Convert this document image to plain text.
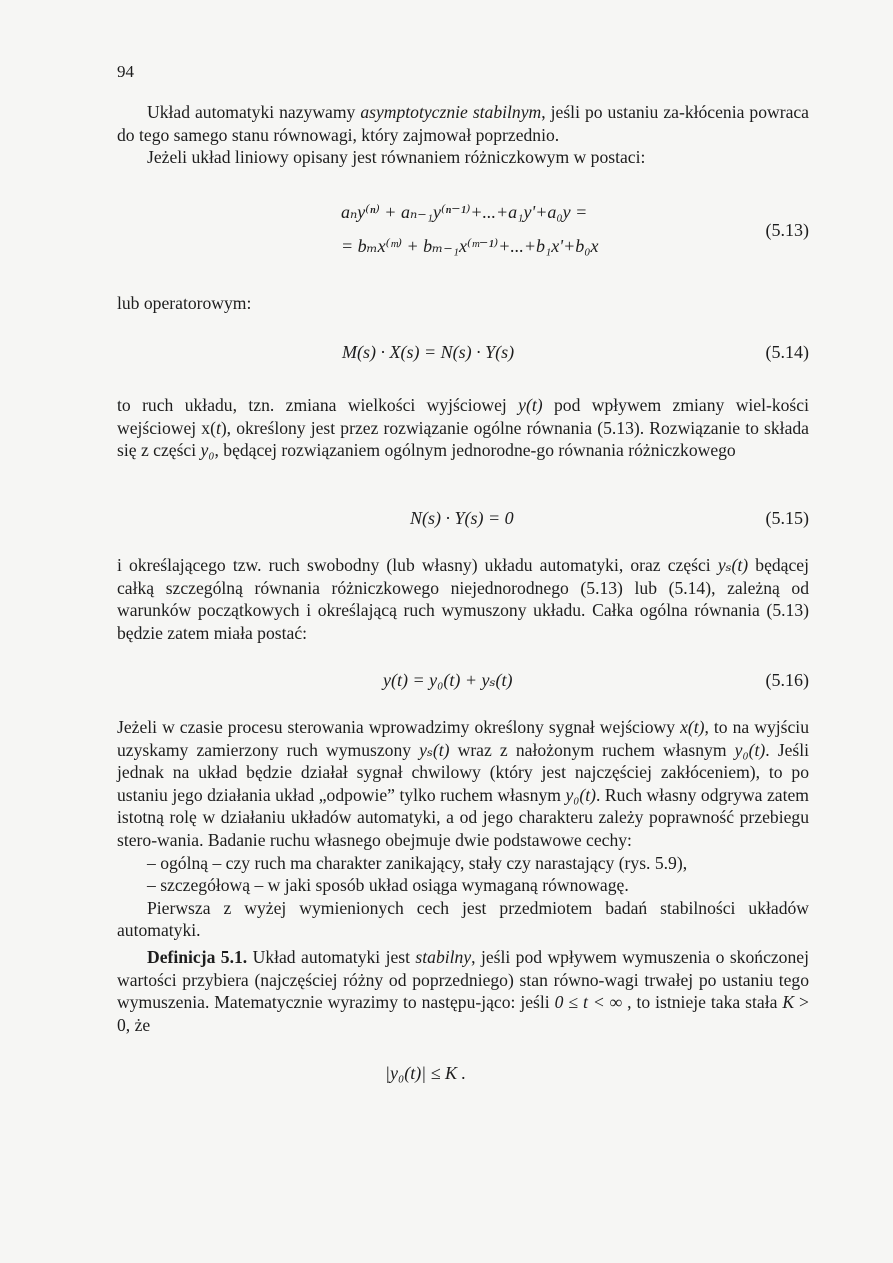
94

Układ automatyki nazywamy asymptotycznie stabilnym, jeśli po ustaniu za-kłócenia powraca do tego samego stanu równowagi, który zajmował poprzednio.

Jeżeli układ liniowy opisany jest równaniem różniczkowym w postaci:

aₙy⁽ⁿ⁾ + aₙ₋₁y⁽ⁿ⁻¹⁾+...+a₁y'+a₀y =
= bₘx⁽ᵐ⁾ + bₘ₋₁x⁽ᵐ⁻¹⁾+...+b₁x'+b₀x
(5.13)

lub operatorowym:

M(s) · X(s) = N(s) · Y(s)	(5.14)

to ruch układu, tzn. zmiana wielkości wyjściowej y(t) pod wpływem zmiany wiel-kości wejściowej x(t), określony jest przez rozwiązanie ogólne równania (5.13). Rozwiązanie to składa się z części y₀, będącej rozwiązaniem ogólnym jednorodne-go równania różniczkowego

N(s) · Y(s) = 0	(5.15)

i określającego tzw. ruch swobodny (lub własny) układu automatyki, oraz części yₛ(t) będącej całką szczególną równania różniczkowego niejednorodnego (5.13) lub (5.14), zależną od warunków początkowych i określającą ruch wymuszony układu. Całka ogólna równania (5.13) będzie zatem miała postać:

y(t) = y₀(t) + yₛ(t)	(5.16)

Jeżeli w czasie procesu sterowania wprowadzimy określony sygnał wejściowy x(t), to na wyjściu uzyskamy zamierzony ruch wymuszony yₛ(t) wraz z nałożonym ruchem własnym y₀(t). Jeśli jednak na układ będzie działał sygnał chwilowy (który jest najczęściej zakłóceniem), to po ustaniu jego działania układ „odpowie” tylko ruchem własnym y₀(t). Ruch własny odgrywa zatem istotną rolę w działaniu układów automatyki, a od jego charakteru zależy poprawność przebiegu stero-wania. Badanie ruchu własnego obejmuje dwie podstawowe cechy:

– ogólną – czy ruch ma charakter zanikający, stały czy narastający (rys. 5.9),

– szczegółową – w jaki sposób układ osiąga wymaganą równowagę.

Pierwsza z wyżej wymienionych cech jest przedmiotem badań stabilności układów automatyki.

Definicja 5.1. Układ automatyki jest stabilny, jeśli pod wpływem wymuszenia o skończonej wartości przybiera (najczęściej różny od poprzedniego) stan równo-wagi trwałej po ustaniu tego wymuszenia. Matematycznie wyrazimy to następu-jąco: jeśli 0 ≤ t < ∞ , to istnieje taka stała K > 0, że

|y₀(t)| ≤ K .
